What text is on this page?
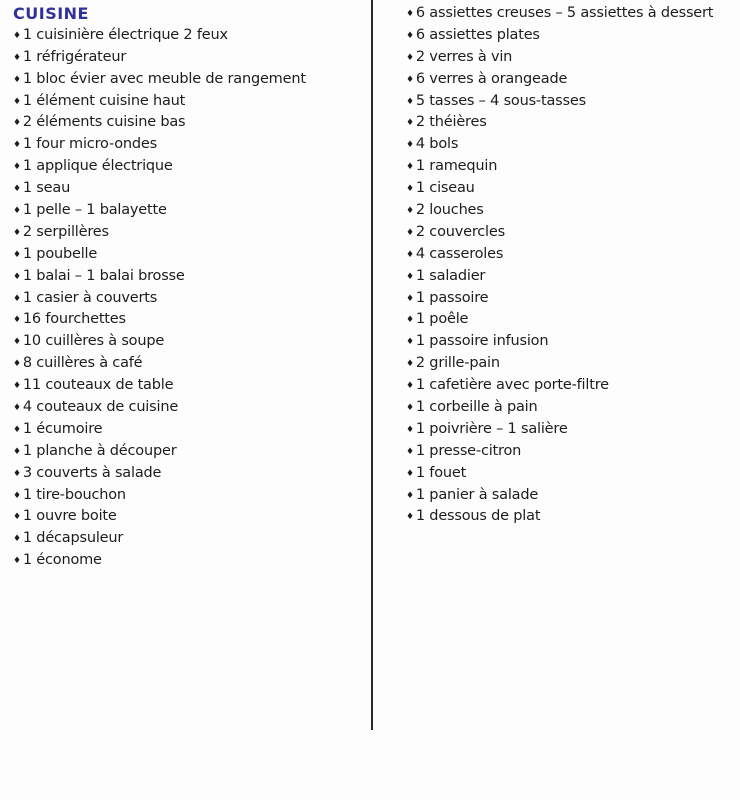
CUISINE
♦ 1 cuisinière électrique 2 feux
♦ 1 réfrigérateur
♦ 1 bloc évier avec meuble de rangement
♦ 1 élément cuisine haut
♦ 2 éléments cuisine bas
♦ 1 four micro-ondes
♦ 1 applique électrique
♦ 1 seau
♦ 1 pelle – 1 balayette
♦ 2 serpillères
♦ 1 poubelle
♦ 1 balai – 1 balai brosse
♦ 1 casier à couverts
♦ 16 fourchettes
♦ 10 cuillères à soupe
♦ 8 cuillères à café
♦ 11 couteaux de table
♦ 4 couteaux de cuisine
♦ 1 écumoire
♦ 1 planche à découper
♦ 3 couverts à salade
♦ 1 tire-bouchon
♦ 1 ouvre boite
♦ 1 décapsuleur
♦ 1 économe
♦ 6 assiettes creuses – 5 assiettes à dessert
♦ 6 assiettes plates
♦ 2 verres à vin
♦ 6 verres à orangeade
♦ 5 tasses – 4 sous-tasses
♦ 2 théières
♦ 4 bols
♦ 1 ramequin
♦ 1 ciseau
♦ 2 louches
♦ 2 couvercles
♦ 4 casseroles
♦ 1 saladier
♦ 1 passoire
♦ 1 poêle
♦ 1 passoire infusion
♦ 2 grille-pain
♦ 1 cafetière avec porte-filtre
♦ 1 corbeille à pain
♦ 1 poivrière – 1 salière
♦ 1 presse-citron
♦ 1 fouet
♦ 1 panier à salade
♦ 1 dessous de plat
